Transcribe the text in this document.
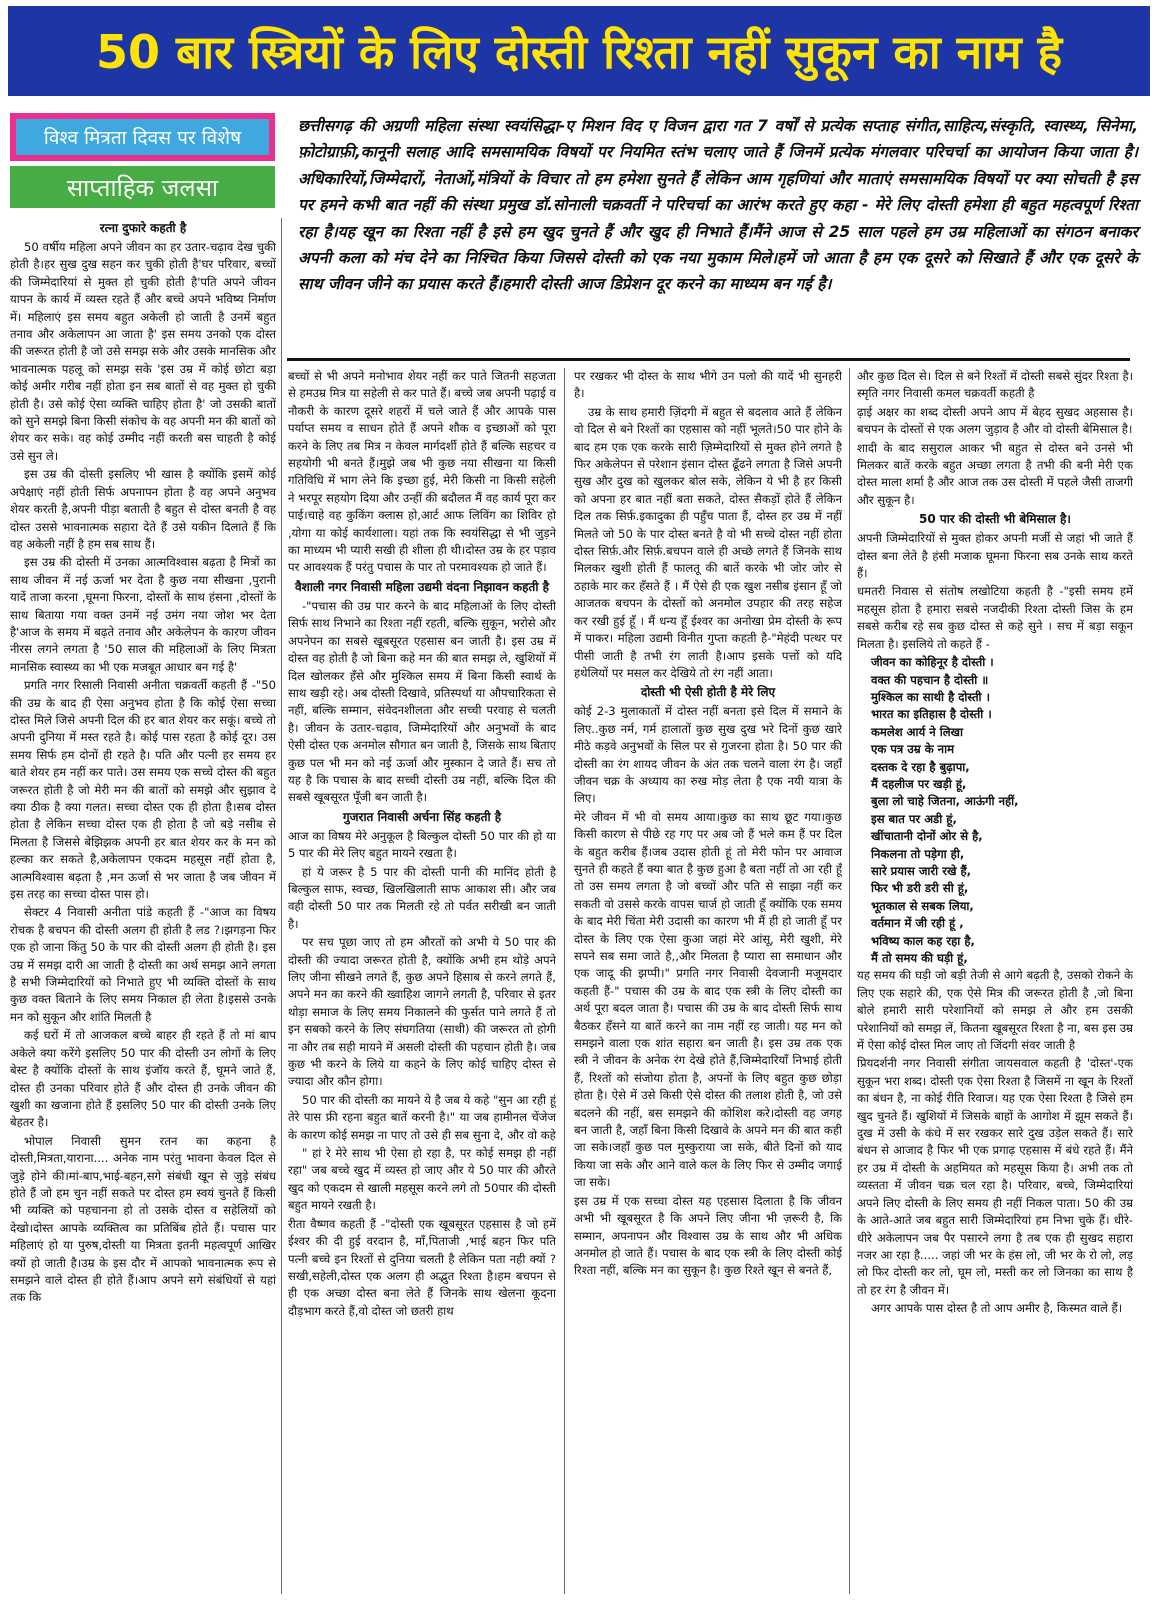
50 बार स्त्रियों के लिए दोस्ती रिश्ता नहीं सुकून का नाम है
विश्व मित्रता दिवस पर विशेष
साप्ताहिक जलसा

छत्तीसगढ़ की अग्रणी महिला संस्था स्वयंसिद्धा-ए मिशन विद ए विजन द्वारा गत 7 वर्षों से प्रत्येक सप्ताह संगीत,साहित्य,संस्कृति, स्वास्थ्य, सिनेमा, फ़ोटोग्राफ़ी,कानूनी सलाह आदि समसामयिक विषयों पर नियमित स्तंभ चलाए जाते हैं जिनमें प्रत्येक मंगलवार परिचर्चा का आयोजन किया जाता है। अधिकारियों,जिम्मेदारों, नेताओं,मंत्रियों के विचार तो हम हमेशा सुनते हैं लेकिन आम गृहणियां और माताएं समसामयिक विषयों पर क्या सोचती है इस पर हमने कभी बात नहीं की संस्था प्रमुख डॉ.सोनाली चक्रवर्ती ने परिचर्चा का आरंभ करते हुए कहा - मेरे लिए दोस्ती हमेशा ही बहुत महत्वपूर्ण रिश्ता रहा है।यह खून का रिश्ता नहीं है इसे हम खुद चुनते हैं और खुद ही निभाते हैं।मैंने आज से 25 साल पहले हम उम्र महिलाओं का संगठन बनाकर अपनी कला को मंच देने का निश्चित किया जिससे दोस्ती को एक नया मुकाम मिले।हमें जो आता है हम एक दूसरे को सिखाते हैं और एक दूसरे के साथ जीवन जीने का प्रयास करते हैं।हमारी दोस्ती आज डिप्रेशन दूर करने का माध्यम बन गई है।

रत्ना दुफारे कहती है

50 वर्षीय महिला अपने जीवन का हर उतार-चढ़ाव देख चुकी होती है।हर सुख दुख सहन कर चुकी होती है'घर परिवार, बच्चों की जिम्मेदारियां से मुक्त हो चुकी होती है'पति अपने जीवन यापन के कार्य में व्यस्त रहते हैं और बच्चे अपने भविष्य निर्माण में। महिलाएं इस समय बहुत अकेली हो जाती है उनमें बहुत तनाव और अकेलापन आ जाता है' इस समय उनको एक दोस्त की जरूरत होती है जो उसे समझ सके और उसके मानसिक और भावनात्मक पहलू को समझ सके 'इस उम्र में कोई छोटा बड़ा कोई अमीर गरीब नहीं होता इन सब बातों से वह मुक्त हो चुकी होती है। उसे कोई ऐसा व्यक्ति चाहिए होता है' जो उसकी बातों को सुने समझे बिना किसी संकोच के वह अपनी मन की बातों को शेयर कर सके। वह कोई उम्मीद नहीं करती बस चाहती है कोई उसे सुन ले।

इस उम्र की दोस्ती इसलिए भी खास है क्योंकि इसमें कोई अपेक्षाएं नहीं होती सिर्फ अपनापन होता है वह अपने अनुभव शेयर करती है,अपनी पीड़ा बताती है बहुत से दोस्त बनती है वह दोस्त उससे भावनात्मक सहारा देते हैं उसे यकीन दिलाते हैं कि वह अकेली नहीं है हम सब साथ हैं।

इस उम्र की दोस्ती में उनका आत्मविश्वास बढ़ता है मित्रों का साथ जीवन में नई ऊर्जा भर देता है कुछ नया सीखना ,पुरानी यादें ताजा करना ,घूमना फिरना, दोस्तों के साथ हंसना ,दोस्तों के साथ बिताया गया वक्त उनमें नई उमंग नया जोश भर देता है'आज के समय में बढ़ते तनाव और अकेलेपन के कारण जीवन नीरस लगने लगता है '50 साल की महिलाओं के लिए मित्रता मानसिक स्वास्थ्य का भी एक मजबूत आधार बन गई है'

प्रगति नगर रिसाली निवासी अनीता चक्रवर्ती कहती हैं -"50 की उम्र के बाद ही ऐसा अनुभव होता है कि कोई ऐसा सच्चा दोस्त मिले जिसे अपनी दिल की हर बात शेयर कर सकूं। बच्चे तो अपनी दुनिया में मस्त रहते है। कोई पास रहता है कोई दूर। उस समय सिर्फ हम दोनों ही रहते है। पति और पत्नी हर समय हर बाते शेयर हम नहीं कर पाते। उस समय एक सच्चे दोस्त की बहुत जरूरत होती है जो मेरी मन की बातों को समझे और सुझाव दे क्या ठीक है क्या गलत। सच्चा दोस्त एक ही होता है।सब दोस्त होता है लेकिन सच्चा दोस्त एक ही होता है जो बड़े नसीब से मिलता है जिससे बेझिझक अपनी हर बात शेयर कर के मन को हल्का कर सकते है,अकेलापन एकदम महसूस नहीं होता है, आत्मविश्वास बढ़ता है ,मन ऊर्जा से भर जाता है जब जीवन में इस तरह का सच्चा दोस्त पास हो।

सेक्टर 4 निवासी अनीता पांडे कहती हैं -"आज का विषय रोचक है बचपन की दोस्ती अलग ही होती है लड ?।झगड़ना फिर एक हो जाना किंतु 50 के पार की दोस्ती अलग ही होती है। इस उम्र में समझ दारी आ जाती है दोस्ती का अर्थ समझ आने लगता है सभी जिम्मेदारियों को निभाते हुए भी व्यक्ति दोस्तों के साथ कुछ वक्त बिताने के लिए समय निकाल ही लेता है।इससे उनके मन को सुकून और शांति मिलती है

कई घरों में तो आजकल बच्चे बाहर ही रहते हैं तो मां बाप अकेले क्या करेंगे इसलिए 50 पार की दोस्ती उन लोगों के लिए बेस्ट है क्योंकि दोस्तों के साथ इंजॉय करते हैं, घूमने जाते हैं, दोस्त ही उनका परिवार होते हैं और दोस्त ही उनके जीवन की खुशी का खजाना होते हैं इसलिए 50 पार की दोस्ती उनके लिए बेहतर है।

भोपाल निवासी सुमन रतन का कहना है दोस्ती,मित्रता,याराना.... अनेक नाम परंतु भावना केवल दिल से जुड़े होने की।मां-बाप,भाई-बहन,सगे संबंधी खून से जुड़े संबंध होते हैं जो हम चुन नहीं सकते पर दोस्त हम स्वयं चुनते हैं किसी भी व्यक्ति को पहचानना हो तो उसके दोस्त व सहेलियों को देखो।दोस्त आपके व्यक्तित्व का प्रतिबिंब होते हैं। पचास पार महिलाएं हो या पुरुष,दोस्ती या मित्रता इतनी महत्वपूर्ण आखिर क्यों हो जाती है।उम्र के इस दौर में आपको भावनात्मक रूप से समझने वाले दोस्त ही होते हैं।आप अपने सगे संबंधियों से यहां तक कि

बच्चों से भी अपने मनोभाव शेयर नहीं कर पाते जितनी सहजता से हमउम्र मित्र या सहेली से कर पाते हैं। बच्चे जब अपनी पढ़ाई व नौकरी के कारण दूसरे शहरों में चले जाते हैं और आपके पास पर्याप्त समय व साधन होते हैं अपने शौक व इच्छाओं को पूरा करने के लिए तब मित्र न केवल मार्गदर्शी होते हैं बल्कि सहचर व सहयोगी भी बनते हैं।मुझे जब भी कुछ नया सीखना या किसी गतिविधि में भाग लेने कि इच्छा हुई, मेरी किसी ना किसी सहेली ने भरपूर सहयोग दिया और उन्हीं की बदौलत मैं वह कार्य पूरा कर पाई।चाहे वह कुकिंग क्लास हो,आर्ट आफ लिविंग का शिविर हो ,योगा या कोई कार्यशाला। यहां तक कि स्वयंसिद्धा से भी जुड़ने का माध्यम भी प्यारी सखी ही शीला ही थी।दोस्त उम्र के हर पड़ाव पर आवश्यक हैं परंतु पचास के पार तो परमावश्यक हो जाते हैं।

वैशाली नगर निवासी महिला उद्यमी वंदना निझावन कहती है

-"पचास की उम्र पार करने के बाद महिलाओं के लिए दोस्ती सिर्फ साथ निभाने का रिश्ता नहीं रहती, बल्कि सुकून, भरोसे और अपनेपन का सबसे खूबसूरत एहसास बन जाती है। इस उम्र में दोस्त वह होती है जो बिना कहे मन की बात समझ ले, खुशियों में दिल खोलकर हँसे और मुश्किल समय में बिना किसी स्वार्थ के साथ खड़ी रहे। अब दोस्ती दिखावे, प्रतिस्पर्धा या औपचारिकता से नहीं, बल्कि सम्मान, संवेदनशीलता और सच्ची परवाह से चलती है। जीवन के उतार-चढ़ाव, जिम्मेदारियों और अनुभवों के बाद ऐसी दोस्त एक अनमोल सौगात बन जाती है, जिसके साथ बिताए कुछ पल भी मन को नई ऊर्जा और मुस्कान दे जाते हैं। सच तो यह है कि पचास के बाद सच्ची दोस्ती उम्र नहीं, बल्कि दिल की सबसे खूबसूरत पूँजी बन जाती है।

गुजरात निवासी अर्चना सिंह कहती है

आज का विषय मेरे अनुकूल है बिल्कुल दोस्ती 50 पार की हो या 5 पार की मेरे लिए बहुत मायने रखता है।

हां ये जरूर है 5 पार की दोस्ती पानी की मानिंद होती है बिल्कुल साफ, स्वच्छ, खिलखिलाती साफ आकाश सी। और जब वही दोस्ती 50 पार तक मिलती रहे तो पर्वत सरीखी बन जाती है।

पर सच पूछा जाए तो हम औरतों को अभी ये 50 पार की दोस्ती की ज्यादा जरूरत होती है, क्योंकि अभी हम थोड़े अपने लिए जीना सीखने लगते हैं, कुछ अपने हिसाब से करने लगते हैं, अपने मन का करने की ख्वाहिश जागने लगती है, परिवार से इतर थोड़ा समाज के लिए समय निकालने की फुर्सत पाने लगते हैं तो इन सबको करने के लिए संघगतिया (साथी) की जरूरत तो होगी ना और तब सही मायने में असली दोस्ती की पहचान होती है। जब कुछ भी करने के लिये या कहने के लिए कोई चाहिए दोस्त से ज्यादा और कौन होगा।

50 पार की दोस्ती का मायने ये है जब ये कहे "सुन आ रही हूं तेरे पास फ्री रहना बहुत बातें करनी है।" या जब हामीनल चेंजेज के कारण कोई समझ ना पाए तो उसे ही सब सुना दे, और वो कहे

" हां रे मेरे साथ भी ऐसा हो रहा है, पर कोई समझ ही नहीं रहा" जब बच्चे खुद में व्यस्त हो जाए और ये 50 पार की औरते खुद को एकदम से खाली महसूस करने लगे तो 50पार की दोस्ती बहुत मायने रखती है।

रीता वैष्णव कहती हैं -"दोस्ती एक खूबसूरत एहसास है जो हमें ईश्वर की दी हुई वरदान है, माँ,पिताजी ,भाई बहन फिर पति पत्नी बच्चे इन रिश्तों से दुनिया चलती है लेकिन पता नही क्यों ? सखी,सहेली,दोस्त एक अलग ही अद्भुत रिश्ता है।हम बचपन से ही एक अच्छा दोस्त बना लेते हैं जिनके साथ खेलना कूदना दौड़भाग करते हैं,वो दोस्त जो छतरी हाथ

पर रखकर भी दोस्त के साथ भीगे उन पलो की यादें भी सुनहरी है।

उम्र के साथ हमारी ज़िंदगी में बहुत से बदलाव आते हैं लेकिन वो दिल से बने रिश्तों का एहसास को नहीं भूलते।50 पार होने के बाद हम एक एक करके सारी ज़िम्मेदारियों से मुक्त होने लगते है फिर अकेलेपन से परेशान इंसान दोस्त ढूँढने लगता है जिसे अपनी सुख और दुख को खुलकर बोल सके, लेकिन ये भी है हर किसी को अपना हर बात नहीं बता सकते, दोस्त सैकड़ों होते हैं लेकिन दिल तक सिर्फ़.इकादुका ही पहुँच पाता हैं, दोस्त हर उम्र में नहीं मिलते जो 50 के पार दोस्त बनते है वो भी सच्चे दोस्त नहीं होता दोस्त सिर्फ़.और सिर्फ़.बचपन वाले ही अच्छे लगते हैं जिनके साथ मिलकर खुशी होती हैं फालतू की बातें करके भी जोर जोर से ठहाके मार कर हँसते हैं । मैं ऐसे ही एक खुश नसीब इंसान हूँ जो आजतक बचपन के दोस्तों को अनमोल उपहार की तरह सहेज कर रखी हुई हूँ । मैं धन्य हूँ ईश्वर का अनोखा प्रेम दोस्ती के रूप में पाकर। महिला उद्यमी विनीत गुप्ता कहती है-"मेहंदी पत्थर पर पीसी जाती है तभी रंग लाती है।आप इसके पत्तों को यदि हथेलियों पर मसल कर देखिये तो रंग नहीं आता।

दोस्ती भी ऐसी होती है मेरे लिए

कोई 2-3 मुलाकातों में दोस्त नहीं बनता इसे दिल में समाने के लिए..कुछ नर्म, गर्म हालातों कुछ सुख दुख भरे दिनों कुछ खारे मीठे कड़वे अनुभवों के सिल पर से गुजरना होता है। 50 पार की दोस्ती का रंग शायद जीवन के अंत तक चलने वाला रंग है। जहाँ जीवन चक्र के अध्याय का रुख मोड़ लेता है एक नयी यात्रा के लिए।

मेरे जीवन में भी वो समय आया।कुछ का साथ छूट गया।कुछ किसी कारण से पीछे रह गए पर अब जो हैं भले कम हैं पर दिल के बहुत करीब हैं।जब उदास होती हूं तो मेरी फोन पर आवाज सुनते ही कहते हैं क्या बात है कुछ हुआ है बता नहीं तो आ रही हूँ तो उस समय लगता है जो बच्चों और पति से साझा नहीं कर सकती वो उससे करके वापस चार्ज हो जाती हूँ क्योंकि एक समय के बाद मेरी चिंता मेरी उदासी का कारण भी मैं ही हो जाती हूँ पर दोस्त के लिए एक ऐसा कुआ जहां मेरे आंसू, मेरी खुशी, मेरे सपने सब समा जाते है,,और मिलता है प्यारा सा समाधान और एक जादू की झप्पी।" प्रगति नगर निवासी देवजानी मजूमदार कहती हैं-" पचास की उम्र के बाद एक स्त्री के लिए दोस्ती का अर्थ पूरा बदल जाता है। पचास की उम्र के बाद दोस्ती सिर्फ साथ बैठकर हँसने या बातें करने का नाम नहीं रह जाती। यह मन को समझने वाला एक शांत सहारा बन जाती है। इस उम्र तक एक स्त्री ने जीवन के अनेक रंग देखे होते हैं,जिम्मेदारियाँ निभाई होती हैं, रिश्तों को संजोया होता है, अपनों के लिए बहुत कुछ छोड़ा होता है। ऐसे में उसे किसी ऐसे दोस्त की तलाश होती है, जो उसे बदलने की नहीं, बस समझने की कोशिश करे।दोस्ती वह जगह बन जाती है, जहाँ बिना किसी दिखावे के अपने मन की बात कही जा सके।जहाँ कुछ पल मुस्कुराया जा सके, बीते दिनों को याद किया जा सके और आने वाले कल के लिए फिर से उम्मीद जगाई जा सके।

इस उम्र में एक सच्चा दोस्त यह एहसास दिलाता है कि जीवन अभी भी खूबसूरत है कि अपने लिए जीना भी ज़रूरी है, कि सम्मान, अपनापन और विश्वास उम्र के साथ और भी अधिक अनमोल हो जाते हैं। पचास के बाद एक स्त्री के लिए दोस्ती कोई रिश्ता नहीं, बल्कि मन का सुकून है। कुछ रिश्ते खून से बनते हैं,

और कुछ दिल से। दिल से बने रिश्तों में दोस्ती सबसे सुंदर रिश्ता है। स्मृति नगर निवासी कमल चक्रवर्ती कहती है

ढ़ाई अक्षर का शब्द दोस्ती अपने आप में बेहद सुखद अहसास है। बचपन के दोस्तों से एक अलग जुड़ाव है और वो दोस्ती बेमिसाल है।

शादी के बाद ससुराल आकर भी बहुत से दोस्त बने उनसे भी मिलकर बातें करके बहुत अच्छा लगता है तभी की बनी मेरी एक दोस्त माला शर्मा है और आज तक उस दोस्ती में पहले जैसी ताजगी और सुकून है।

50 पार की दोस्ती भी बेमिसाल है।

अपनी जिम्मेदारियों से मुक्त होकर अपनी मर्जी से जहां भी जाते हैं दोस्त बना लेते है हंसी मजाक घूमना फिरना सब उनके साथ करते हैं।

धमतरी निवास से संतोष लखोटिया कहती है -"इसी समय हमें महसूस होता है हमारा सबसे नजदीकी रिश्ता दोस्ती जिस के हम सबसे करीब रहे सब कुछ दोस्त से कहे सुने । सच में बड़ा सकून मिलता है। इसलिये तो कहते हैं -

जीवन का कोहिनूर है दोस्ती ।

वक्त की पहचान है दोस्ती ॥

मुश्किल का साथी है दोस्ती ।

भारत का इतिहास है दोस्ती ।

कमलेश आर्य ने लिखा

एक पत्र उम्र के नाम

दस्तक दे रहा है बुढ़ापा,

मैं दहलीज पर खड़ी हूं,

बुला लो चाहे जितना, आऊंगी नहीं,

इस बात पर अडी हूं,

खींचातानी दोनों ओर से है,

निकलना तो पड़ेगा ही,

सारे प्रयास जारी रखे हैं,

फिर भी डरी डरी सी हूं,

भूतकाल से सबक लिया,

वर्तमान में जी रही हूं ,

भविष्य काल कह रहा है,

मैं तो समय की घड़ी हूं,

यह समय की घड़ी जो बड़ी तेजी से आगे बढ़ती है, उसको रोकने के लिए एक सहारे की, एक ऐसे मित्र की जरूरत होती है ,जो बिना बोले हमारी सारी परेशानियों को समझ ले और हम उसकी परेशानियों को समझ लें, कितना खूबसूरत रिश्ता है ना, बस इस उम्र में ऐसा कोई दोस्त मिल जाए तो जिंदगी संवर जाती है

प्रियदर्शनी नगर निवासी संगीता जायसवाल कहती है 'दोस्त'-एक सुकून भरा शब्द। दोस्ती एक ऐसा रिश्ता है जिसमें ना खून के रिश्तों का बंधन है, ना कोई रीति रिवाज। यह एक ऐसा रिश्ता है जिसे हम खुद चुनते हैं। खुशियों में जिसके बाहों के आगोश में झूम सकते हैं। दुख में उसी के कंधे में सर रखकर सारे दुख उड़ेल सकते हैं। सारे बंधन से आजाद है फिर भी एक प्रगाढ़ एहसास में बंधे रहते हैं। मैंने हर उम्र में दोस्ती के अहमियत को महसूस किया है। अभी तक तो व्यस्तता में जीवन चक्र चल रहा है। परिवार, बच्चे, जिम्मेदारियां अपने लिए दोस्ती के लिए समय ही नहीं निकल पाता। 50 की उम्र के आते-आते जब बहुत सारी जिम्मेदारियां हम निभा चुके हैं। धीरे-धीरे अकेलापन जब पैर पसारने लगा है तब एक ही सुखद सहारा नजर आ रहा है..... जहां जी भर के हंस लो, जी भर के रो लो, लड़ लो फिर दोस्ती कर लो, घूम लो, मस्ती कर लो जिनका का साथ है तो हर रंग है जीवन में।

अगर आपके पास दोस्त है तो आप अमीर है, किस्मत वाले हैं।
